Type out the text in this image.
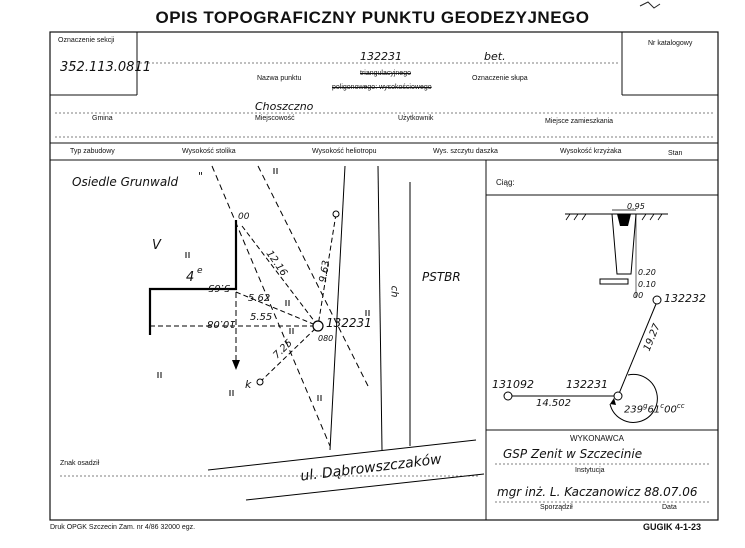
OPIS TOPOGRAFICZNY PUNKTU GEODEZYJNEGO
Oznaczenie sekcji
352.113.0811
Nr katalogowy
132231	bet.
Nazwa punktu
triangulacyjnego
poligonowego: wysokościowego
Oznaczenie słupa
Choszczno
Gmina	Miejscowość	Użytkownik	Miejsce zamieszkania
Typ zabudowy	Wysokość stolika	Wysokość heliotropu	Wys. szczytu daszka	Wysokość krzyżaka	Stan
Osiedle Grunwald "
V
4 e
5.65
00
12.16	9.63
5.62
5.55
10.08
7.25	080
132231
k
ch
PSTBR
ul. Dąbrowszczaków
Znak osadził
Ciąg:
0.95
0.20
0.10
00 132232
19.27
131092	132231
14.502
$239^g61^c00^{cc}$
WYKONAWCA
GSP Zenit w Szczecinie
Instytucja
mgr inż. L. Kaczanowicz 88.07.06
Sporządził	Data
Druk OPGK Szczecin Zam. nr 4/86 32000 egz.	GUGIK 4-1-23
